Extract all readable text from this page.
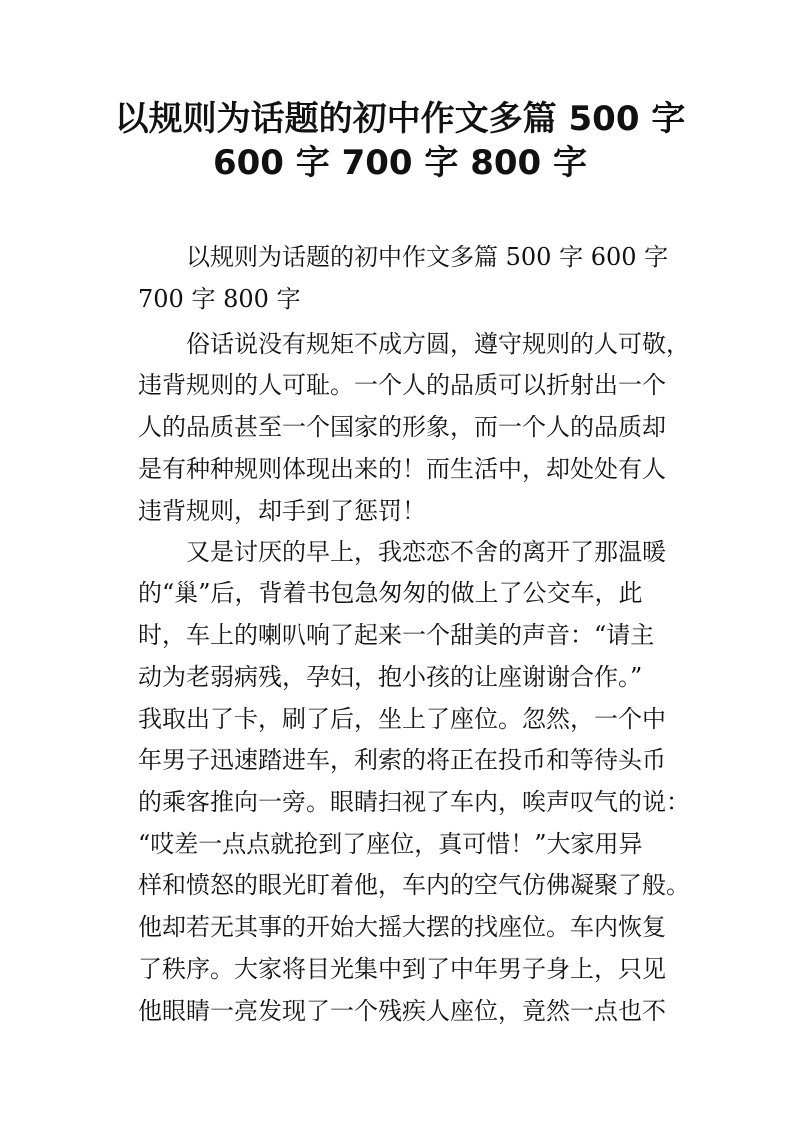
以规则为话题的初中作文多篇 500 字
600 字 700 字 800 字
　　以规则为话题的初中作文多篇 500 字 600 字
700 字 800 字
　　俗话说没有规矩不成方圆，遵守规则的人可敬，
违背规则的人可耻。一个人的品质可以折射出一个
人的品质甚至一个国家的形象，而一个人的品质却
是有种种规则体现出来的！而生活中，却处处有人
违背规则，却手到了惩罚！
　　又是讨厌的早上，我恋恋不舍的离开了那温暖
的“巢”后，背着书包急匆匆的做上了公交车，此
时，车上的喇叭响了起来一个甜美的声音：“请主
动为老弱病残，孕妇，抱小孩的让座谢谢合作。”
我取出了卡，刷了后，坐上了座位。忽然，一个中
年男子迅速踏进车，利索的将正在投币和等待头币
的乘客推向一旁。眼睛扫视了车内，唉声叹气的说：
“哎差一点点就抢到了座位，真可惜！”大家用异
样和愤怒的眼光盯着他，车内的空气仿佛凝聚了般。
他却若无其事的开始大摇大摆的找座位。车内恢复
了秩序。大家将目光集中到了中年男子身上，只见
他眼睛一亮发现了一个残疾人座位，竟然一点也不
